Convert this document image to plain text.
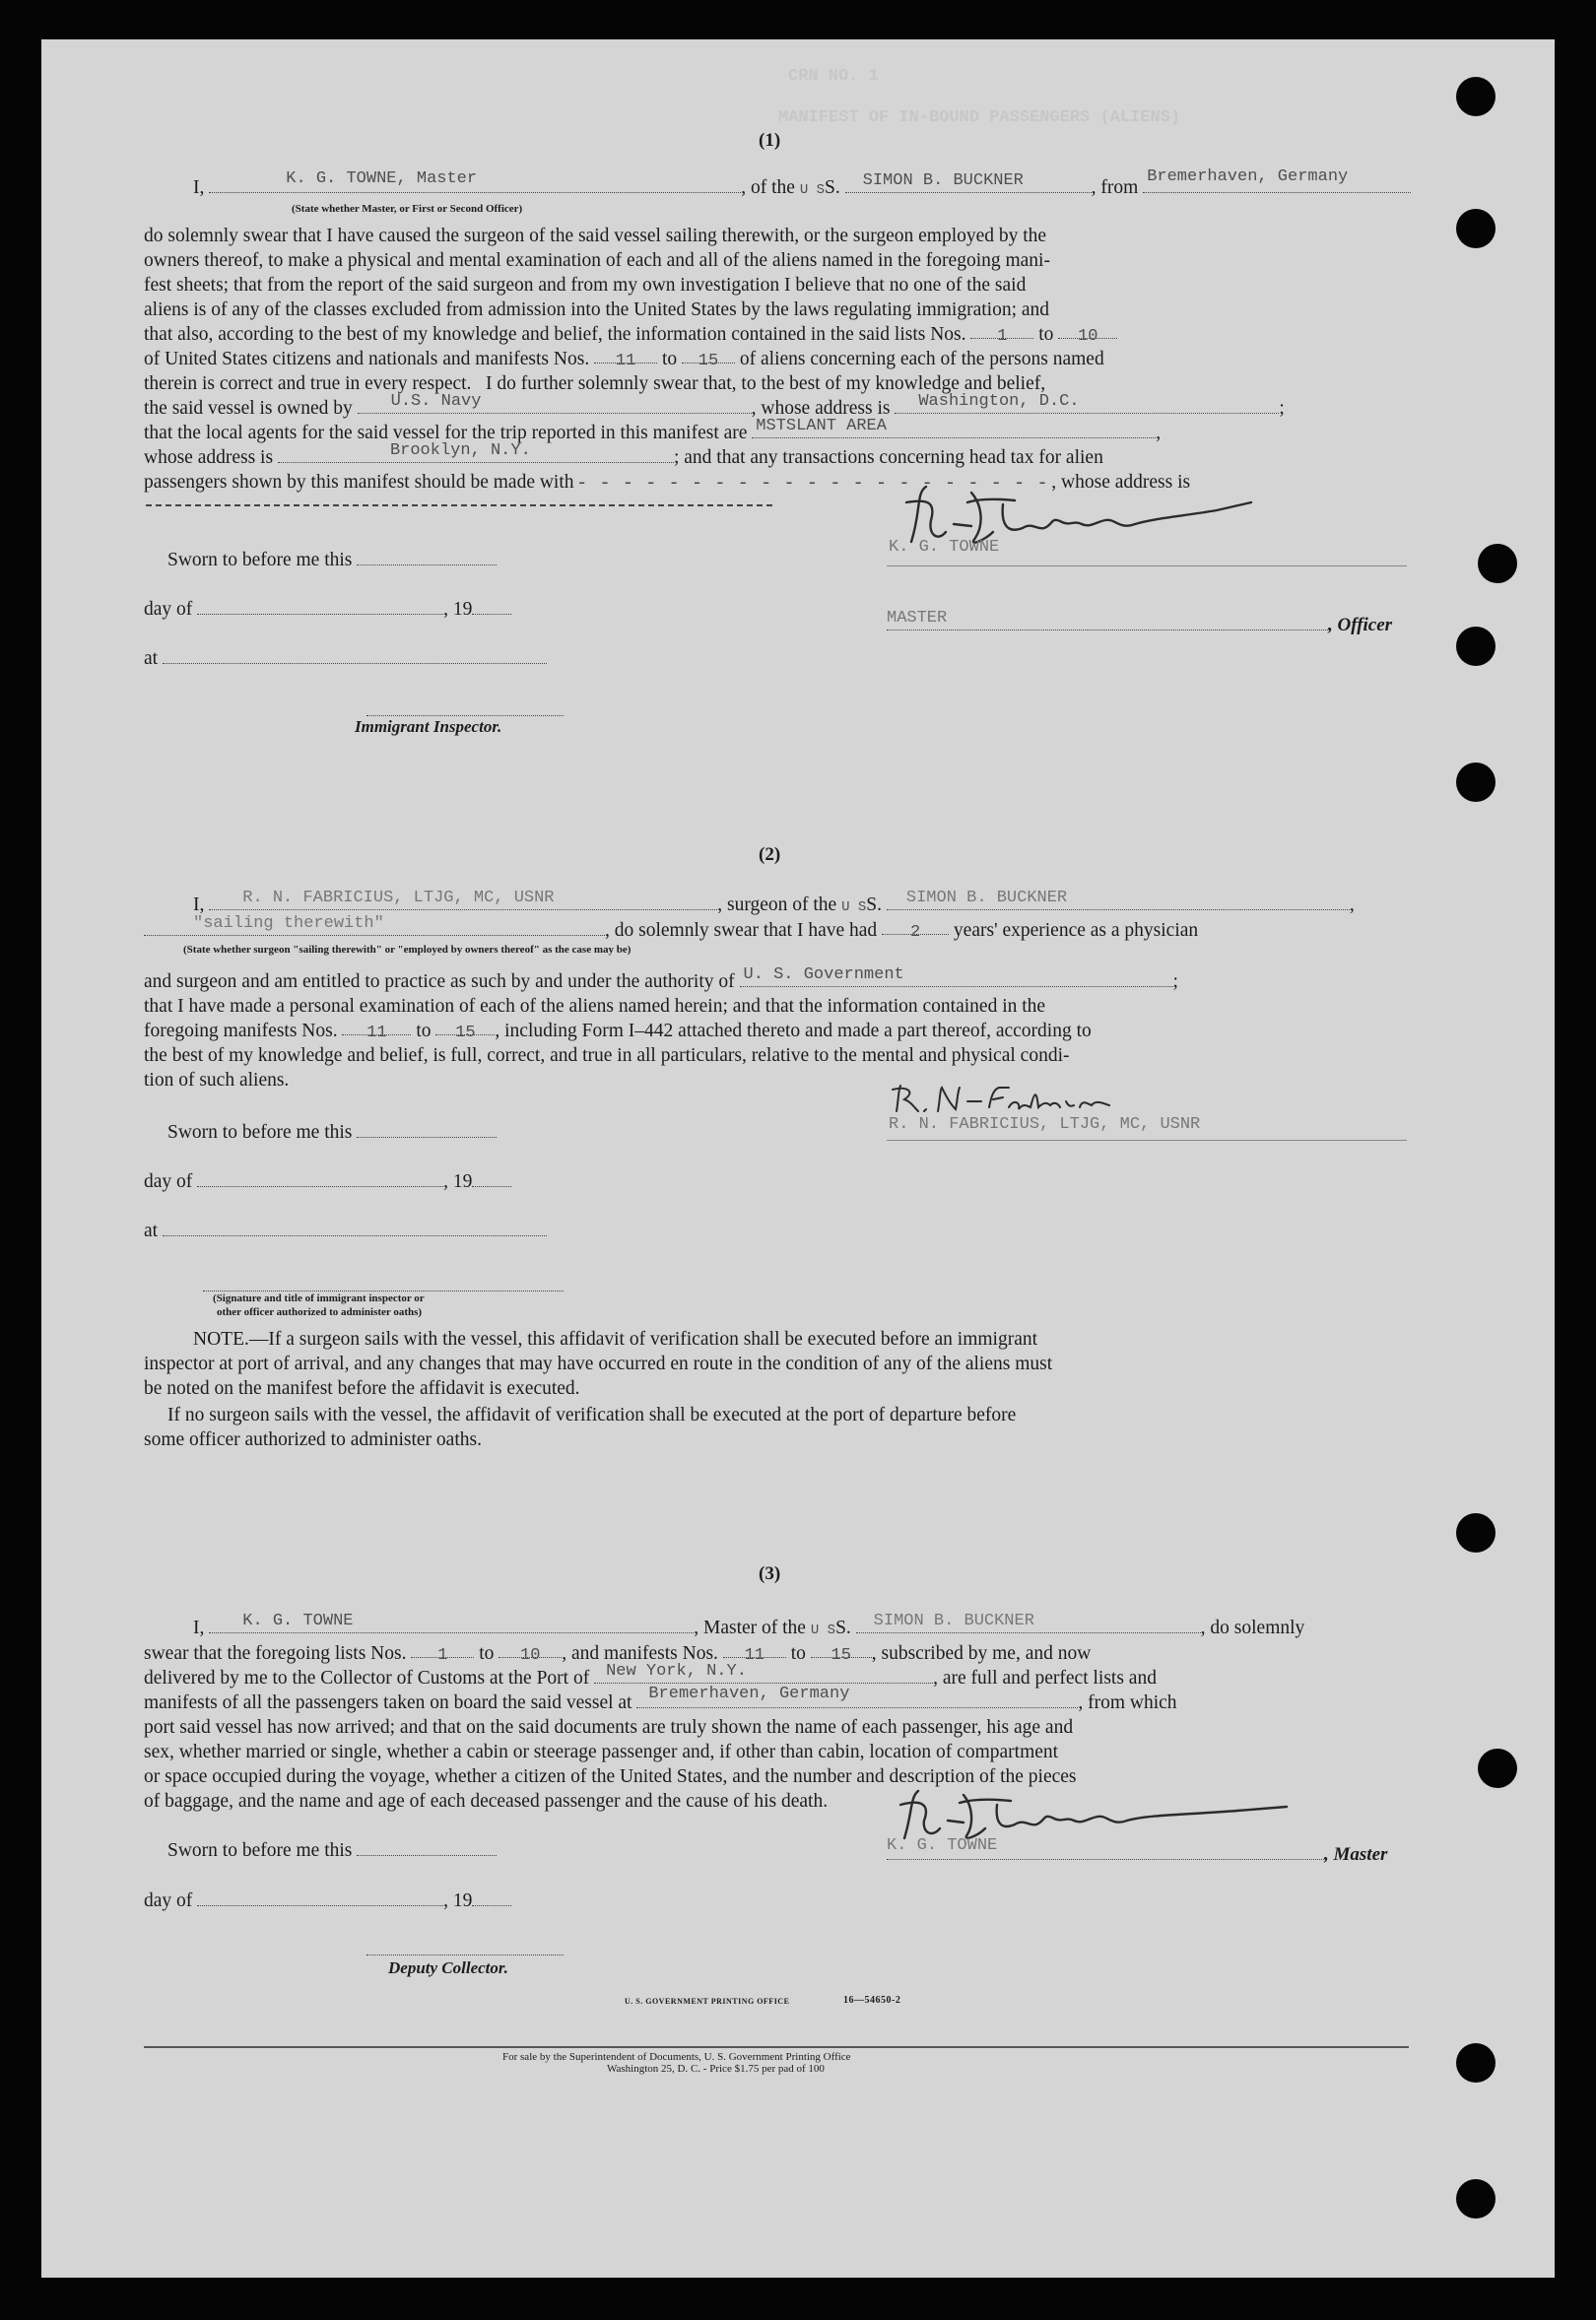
CRN NO. 1
MANIFEST OF IN-BOUND PASSENGERS (ALIENS)
(1)
I,	K. G. TOWNE, Master	, of the U SS. SIMON B. BUCKNER	, from
Bremerhaven, Germany
(State whether Master, or First or Second Officer)
do solemnly swear that I have caused the surgeon of the said vessel sailing therewith, or the surgeon employed by the
owners thereof, to make a physical and mental examination of each and all of the aliens named in the foregoing mani-
fest sheets; that from the report of the said surgeon and from my own investigation I believe that no one of the said
aliens is of any of the classes excluded from admission into the United States by the laws regulating immigration; and
that also, according to the best of my knowledge and belief, the information contained in the said lists Nos. 1 to 10
of United States citizens and nationals and manifests Nos. 11 to 15 of aliens concerning each of the persons named
therein is correct and true in every respect.   I do further solemnly swear that, to the best of my knowledge and belief,
the said vessel is owned by U.S. Navy	, whose address is Washington, D.C.	;
that the local agents for the said vessel for the trip reported in this manifest are MSTSLANT AREA	,
whose address is	Brooklyn, N.Y.	; and that any transactions concerning head tax for alien
passengers shown by this manifest should be made with - - - - - - - - - - - - - - - - - - - - -, whose address is
K. G. TOWNE
Sworn to before me this
day of	, 19
at
Immigrant Inspector.
MASTER	, Officer
(2)
I, R. N. FABRICIUS, LTJG, MC, USNR	, surgeon of the U SS. SIMON B. BUCKNER	,
"sailing therewith"	, do solemnly swear that I have had 2 years' experience as a physician
(State whether surgeon "sailing therewith" or "employed by owners thereof" as the case may be)
and surgeon and am entitled to practice as such by and under the authority of U. S. Government	;
that I have made a personal examination of each of the aliens named herein; and that the information contained in the
foregoing manifests Nos. 11 to 15 , including Form I–442 attached thereto and made a part thereof, according to
the best of my knowledge and belief, is full, correct, and true in all particulars, relative to the mental and physical condi-
tion of such aliens.
R. N. FABRICIUS, LTJG, MC, USNR
Sworn to before me this
day of	, 19
at
(Signature and title of immigrant inspector or
other officer authorized to administer oaths)
NOTE.—If a surgeon sails with the vessel, this affidavit of verification shall be executed before an immigrant
inspector at port of arrival, and any changes that may have occurred en route in the condition of any of the aliens must
be noted on the manifest before the affidavit is executed.
If no surgeon sails with the vessel, the affidavit of verification shall be executed at the port of departure before
some officer authorized to administer oaths.
(3)
I, K. G. TOWNE	, Master of the U SS. SIMON B. BUCKNER	, do solemnly
swear that the foregoing lists Nos. 1 to 10 , and manifests Nos. 11 to 15 , subscribed by me, and now
delivered by me to the Collector of Customs at the Port of New York, N.Y.	, are full and perfect lists and
manifests of all the passengers taken on board the said vessel at Bremerhaven, Germany	, from which
port said vessel has now arrived; and that on the said documents are truly shown the name of each passenger, his age and
sex, whether married or single, whether a cabin or steerage passenger and, if other than cabin, location of compartment
or space occupied during the voyage, whether a citizen of the United States, and the number and description of the pieces
of baggage, and the name and age of each deceased passenger and the cause of his death.
Sworn to before me this	K. G. TOWNE	, Master
day of	, 19
Deputy Collector.
U. S. GOVERNMENT PRINTING OFFICE	16—54650-2
For sale by the Superintendent of Documents, U. S. Government Printing Office
Washington 25, D. C. - Price $1.75 per pad of 100
